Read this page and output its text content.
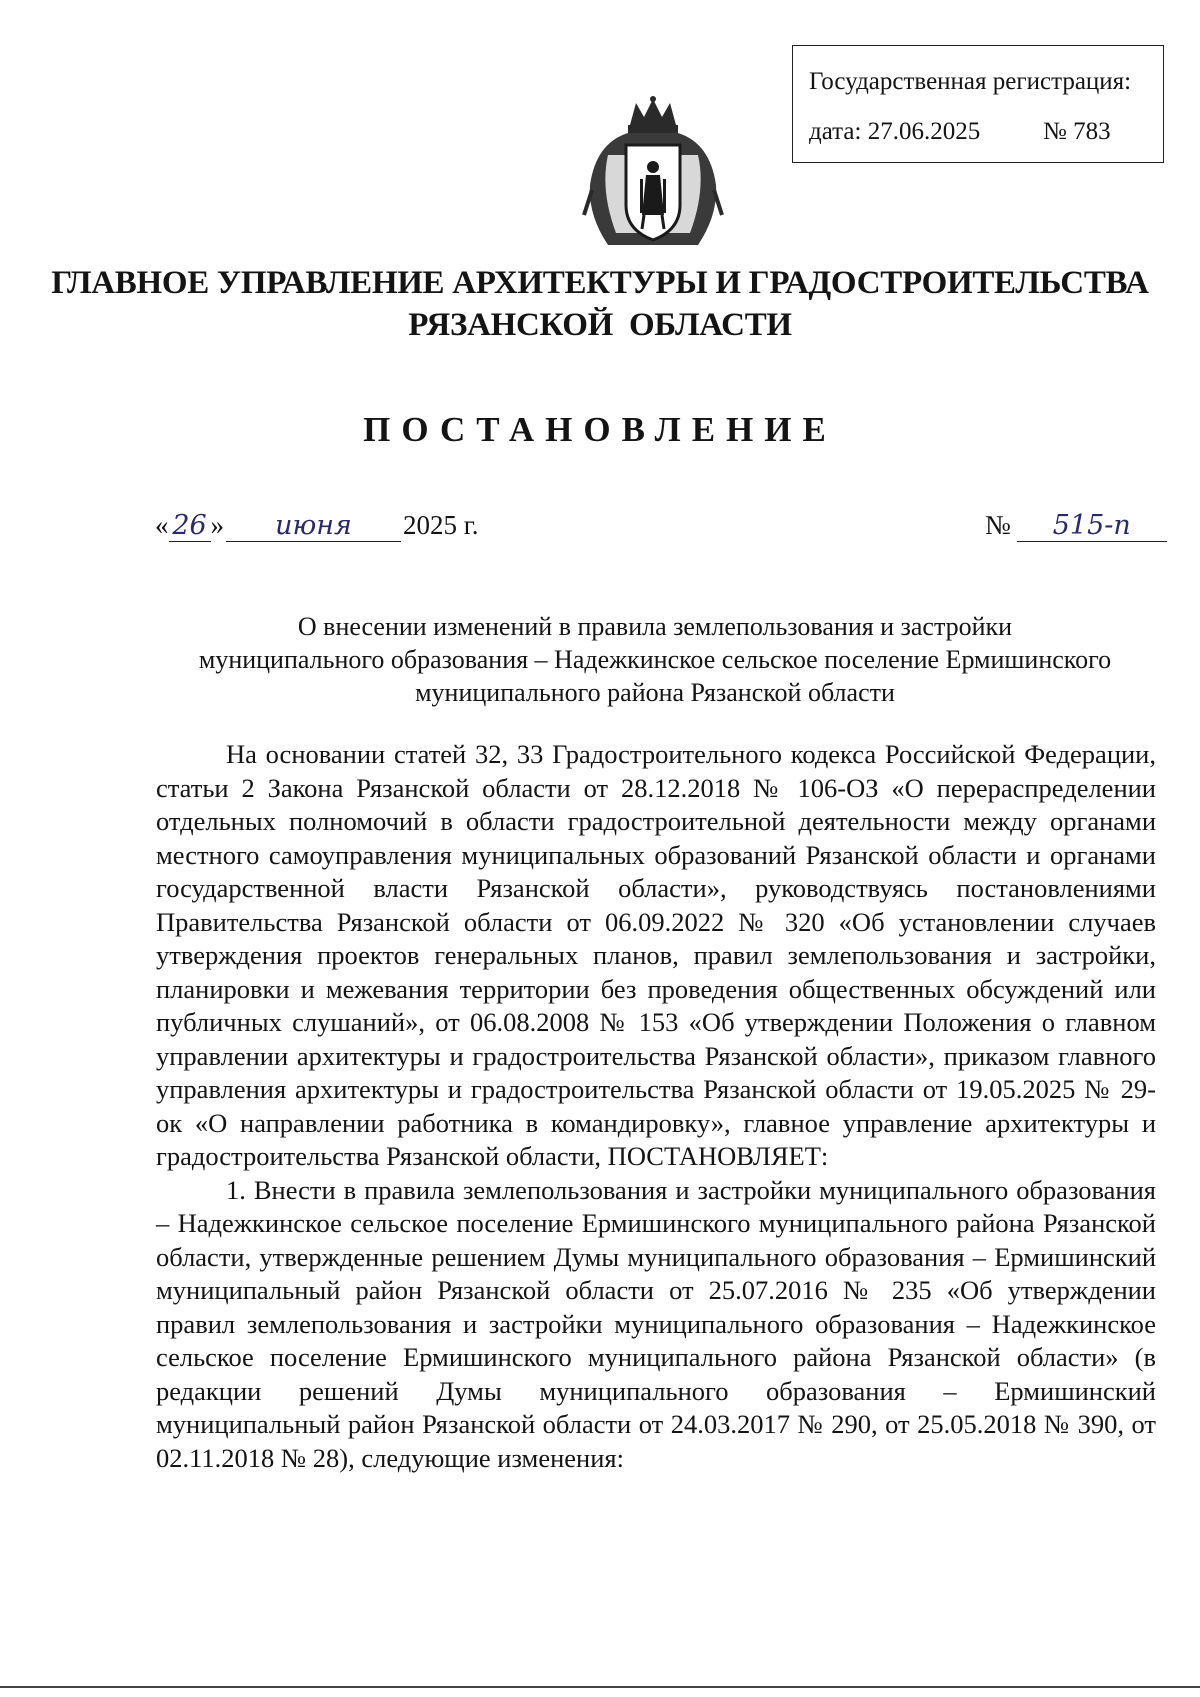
Государственная регистрация:
дата: 27.06.2025	№ 783
ГЛАВНОЕ УПРАВЛЕНИЕ АРХИТЕКТУРЫ И ГРАДОСТРОИТЕЛЬСТВА
РЯЗАНСКОЙ  ОБЛАСТИ
ПОСТАНОВЛЕНИЕ
« 26 » июня 2025 г.	№ 515-п
О внесении изменений в правила землепользования и застройки
муниципального образования – Надежкинское сельское поселение Ермишинского
муниципального района Рязанской области

На основании статей 32, 33 Градостроительного кодекса Российской Федерации, статьи 2 Закона Рязанской области от 28.12.2018 № 106-ОЗ «О перераспределении отдельных полномочий в области градостроительной деятельности между органами местного самоуправления муниципальных образований Рязанской области и органами государственной власти Рязанской области», руководствуясь постановлениями Правительства Рязанской области от 06.09.2022 № 320 «Об установлении случаев утверждения проектов генеральных планов, правил землепользования и застройки, планировки и межевания территории без проведения общественных обсуждений или публичных слушаний», от 06.08.2008 № 153 «Об утверждении Положения о главном управлении архитектуры и градостроительства Рязанской области», приказом главного управления архитектуры и градостроительства Рязанской области от 19.05.2025 № 29-ок «О направлении работника в командировку», главное управление архитектуры и градостроительства Рязанской области, ПОСТАНОВЛЯЕТ:

1. Внести в правила землепользования и застройки муниципального образования – Надежкинское сельское поселение Ермишинского муниципального района Рязанской области, утвержденные решением Думы муниципального образования – Ермишинский муниципальный район Рязанской области от 25.07.2016 № 235 «Об утверждении правил землепользования и застройки муниципального образования – Надежкинское сельское поселение Ермишинского муниципального района Рязанской области» (в редакции решений Думы муниципального образования – Ермишинский муниципальный район Рязанской области от 24.03.2017 № 290, от 25.05.2018 № 390, от 02.11.2018 № 28), следующие изменения:
